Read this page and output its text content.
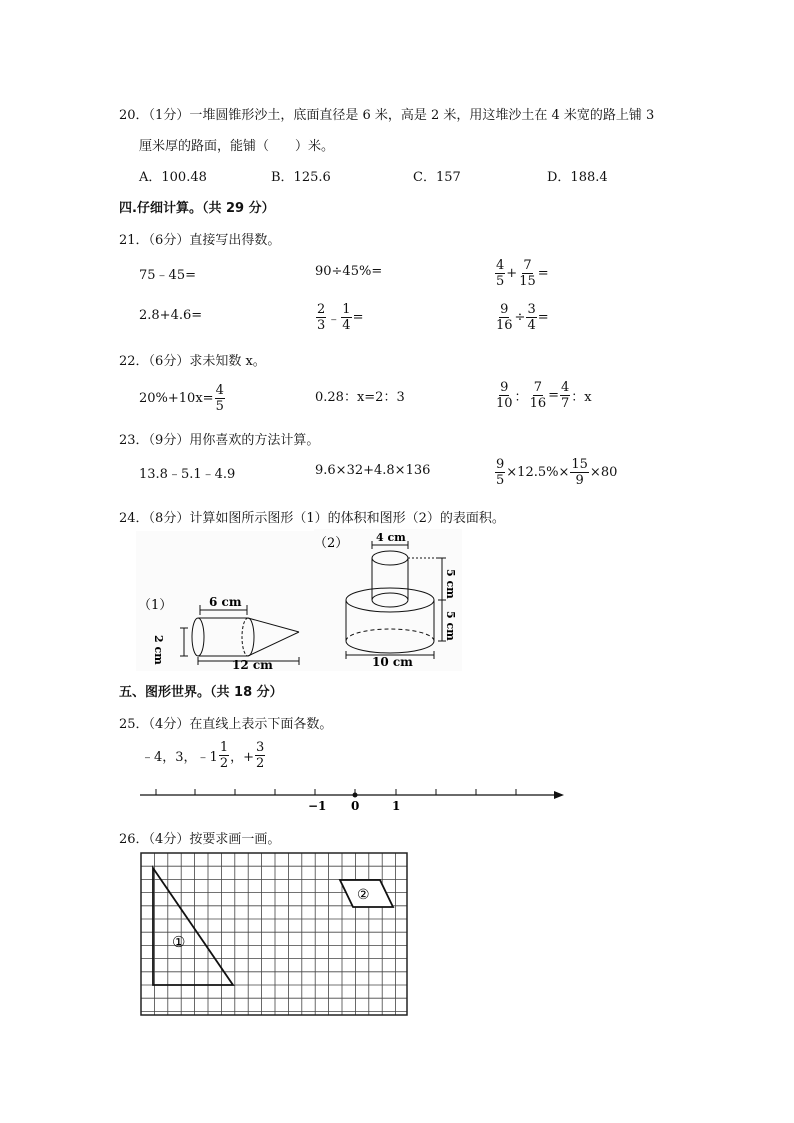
20．（1分）一堆圆锥形沙土，底面直径是 6 米，高是 2 米，用这堆沙土在 4 米宽的路上铺 3
厘米厚的路面，能铺（　　）米。
A．100.48	B．125.6	C．157	D．188.4
四.仔细计算。（共 29 分）
21．（6分）直接写出得数。
75﹣45=	90÷45%=	$\frac{4}{5} + \frac{7}{15}$ =
2.8+4.6=	$\frac{2}{3}$ ﹣ $\frac{1}{4}$ =	$\frac{9}{16} \div \frac{3}{4}$ =
22．（6分）求未知数 x。
$20\%+10x= \frac{4}{5}$	0.28：x=2：3	$\frac{9}{10}$ ： $\frac{7}{16} = \frac{4}{7}$ ：x
23．（9分）用你喜欢的方法计算。
13.8﹣5.1﹣4.9	9.6×32+4.8×136	$\frac{9}{5} \times 12.5\%\times \frac{15}{9} \times 80$
24．（8分）计算如图所示图形（1）的体积和图形（2）的表面积。
（1）	6 cm
2 cm
12 cm
（2）	4 cm
5 cm
5 cm
10 cm
五、图形世界。（共 18 分）
25．（4分）在直线上表示下面各数。
﹣4，3，﹣1 $\frac{1}{2}$ ，+ $\frac{3}{2}$
−1 0	1
26．（4分）按要求画一画。
①
②
